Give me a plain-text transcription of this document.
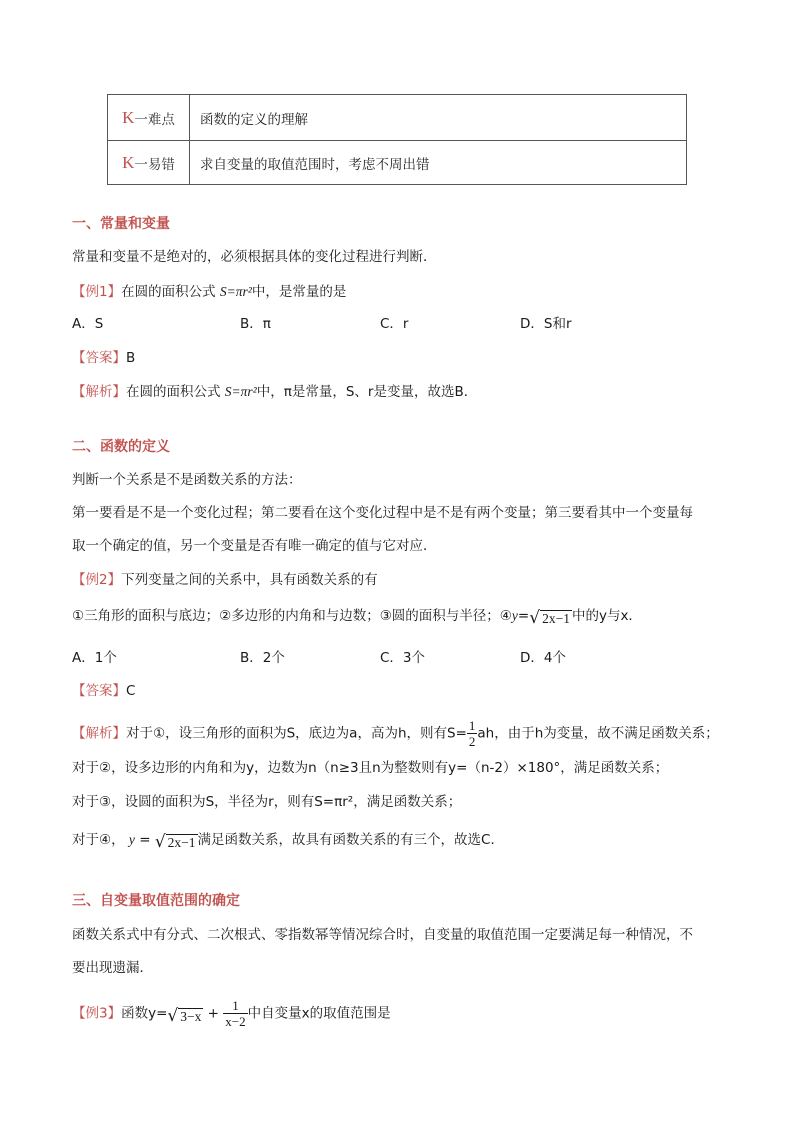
K 一难点 函数的定义的理解
K 一易错 求自变量的取值范围时，考虑不周出错
一、常量和变量
常量和变量不是绝对的，必须根据具体的变化过程进行判断．
【例1】在圆的面积公式 S=πr²中，是常量的是
A．S	B．π	C．r	D．S和r
【答案】B
【解析】在圆的面积公式 S=πr²中，π是常量，S、r是变量，故选B．
二、函数的定义
判断一个关系是不是函数关系的方法：
第一要看是不是一个变化过程；第二要看在这个变化过程中是不是有两个变量；第三要看其中一个变量每
取一个确定的值，另一个变量是否有唯一确定的值与它对应．
【例2】下列变量之间的关系中，具有函数关系的有
①三角形的面积与底边；②多边形的内角和与边数；③圆的面积与半径；④y= √ 2x−1 中的y与x．
A．1个	B．2个	C．3个	D．4个
【答案】C
【解析】对于①，设三角形的面积为S，底边为a，高为h，则有$S= \frac{1}{2}$ ah，由于h为变量，故不满足函数关系；
对于②，设多边形的内角和为y，边数为n（n≥3且n为整数则有y=（n-2）×180°，满足函数关系；
对于③，设圆的面积为S，半径为r，则有S=πr²，满足函数关系；
对于④， y = √ 2x−1 满足函数关系，故具有函数关系的有三个，故选C．
三、自变量取值范围的确定
函数关系式中有分式、二次根式、零指数幂等情况综合时，自变量的取值范围一定要满足每一种情况，不
要出现遗漏．
【例3】函数y= √ $3-x + \frac{1}{x-2}$ 中自变量x的取值范围是
